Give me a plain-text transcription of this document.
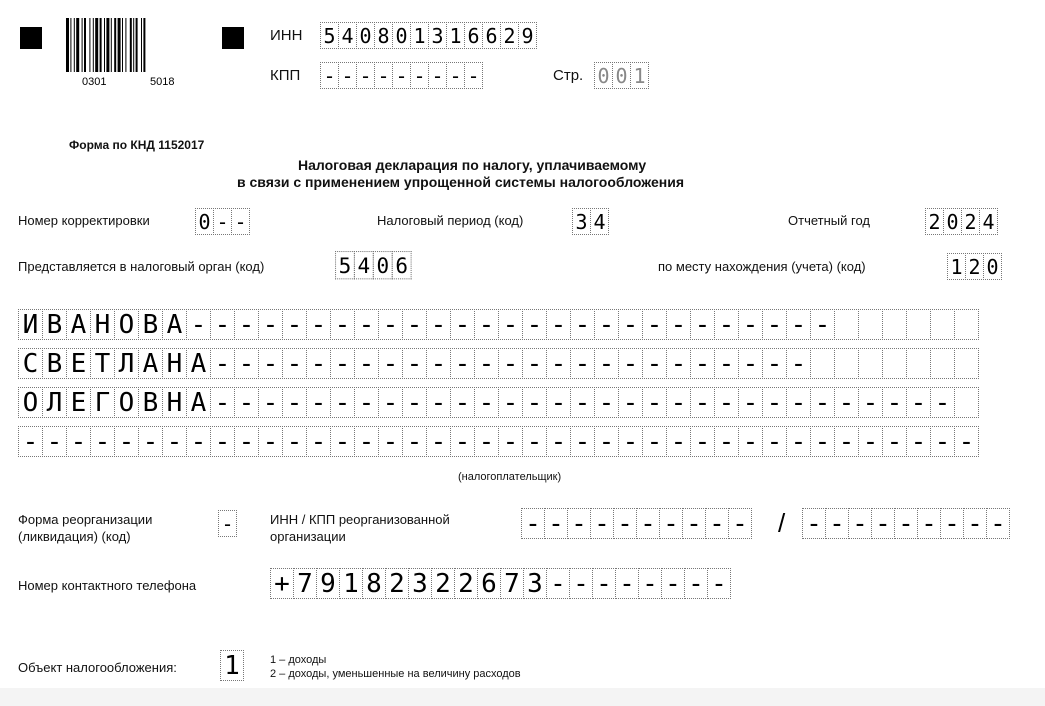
0301	5018
ИНН 5 4 0 8 0 1 3 1 6 6 2 9
КПП - - - - - - - - -	Стр. 0 0 1
Форма по КНД 1152017
Налоговая декларация по налогу, уплачиваемому
в связи с применением упрощенной системы налогообложения
Номер корректировки 0 - -	Налоговый период (код)	3 4	Отчетный год	2 0 2 4
Представляется в налоговый орган (код)	5 4 0 6	по месту нахождения (учета) (код)	1 2 0
И В А Н О В А - - - - - - - - - - - - - - - - - - - - - - - - - - -
С В Е Т Л А Н А - - - - - - - - - - - - - - - - - - - - - - - - -
О Л Е Г О В Н А - - - - - - - - - - - - - - - - - - - - - - - - - - - - - - -
- - - - - - - - - - - - - - - - - - - - - - - - - - - - - - - - - - - - - - - -
(налогоплательщик)
Форма реорганизации
(ликвидация) (код)
-	ИНН / КПП реорганизованной
организации	- - - - - - - - - - / - - - - - - - - -
Номер контактного телефона	+ 7 9 1 8 2 3 2 2 6 7 3 - - - - - - - -
Объект налогообложения: 1	1 – доходы
2 – доходы, уменьшенные на величину расходов
